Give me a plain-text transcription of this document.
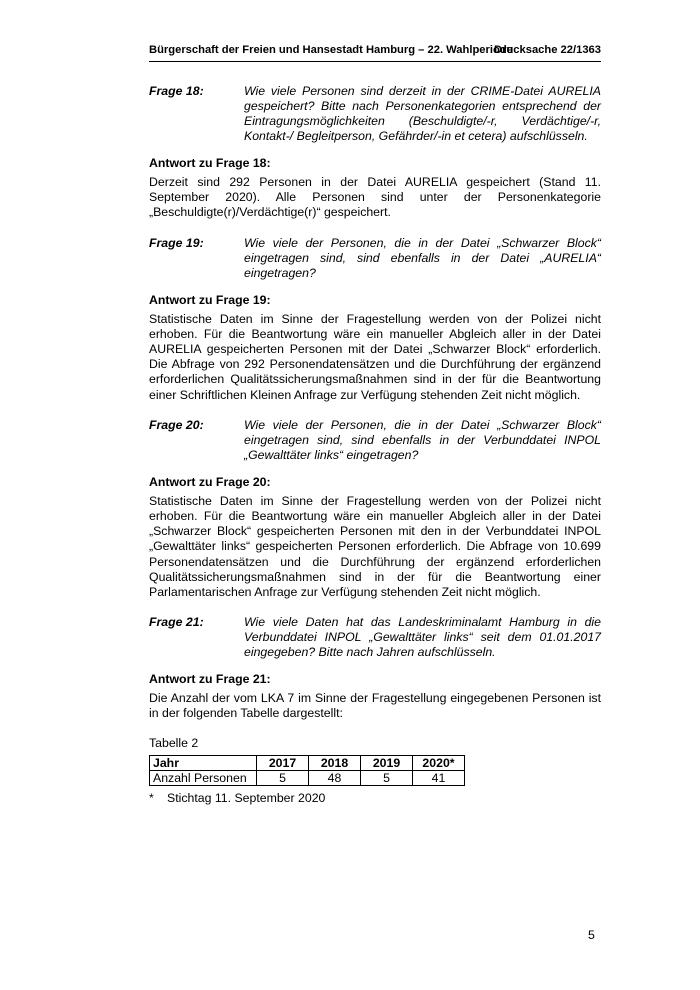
Bürgerschaft der Freien und Hansestadt Hamburg – 22. Wahlperiode
Drucksache 22/1363
Frage 18:	Wie viele Personen sind derzeit in der CRIME-Datei AURELIA gespeichert? Bitte nach Personenkategorien entsprechend der Eintragungsmöglichkeiten (Beschuldigte/-r, Verdächtige/-r, Kontakt-/ Begleitperson, Gefährder/-in et cetera) aufschlüsseln.
Antwort zu Frage 18:
Derzeit sind 292 Personen in der Datei AURELIA gespeichert (Stand 11. September 2020). Alle Personen sind unter der Personenkategorie „Beschuldigte(r)/Verdächtige(r)“ gespeichert.
Frage 19:	Wie viele der Personen, die in der Datei „Schwarzer Block“ eingetragen sind, sind ebenfalls in der Datei „AURELIA“ eingetragen?
Antwort zu Frage 19:
Statistische Daten im Sinne der Fragestellung werden von der Polizei nicht erhoben. Für die Beantwortung wäre ein manueller Abgleich aller in der Datei AURELIA gespeicherten Personen mit der Datei „Schwarzer Block“ erforderlich. Die Abfrage von 292 Personendatensätzen und die Durchführung der ergänzend erforderlichen Qualitätssicherungsmaßnahmen sind in der für die Beantwortung einer Schriftlichen Kleinen Anfrage zur Verfügung stehenden Zeit nicht möglich.
Frage 20:	Wie viele der Personen, die in der Datei „Schwarzer Block“ eingetragen sind, sind ebenfalls in der Verbunddatei INPOL „Gewalttäter links“ eingetragen?
Antwort zu Frage 20:
Statistische Daten im Sinne der Fragestellung werden von der Polizei nicht erhoben. Für die Beantwortung wäre ein manueller Abgleich aller in der Datei „Schwarzer Block“ gespeicherten Personen mit den in der Verbunddatei INPOL „Gewalttäter links“ gespeicherten Personen erforderlich. Die Abfrage von 10.699 Personendatensätzen und die Durchführung der ergänzend erforderlichen Qualitätssicherungsmaßnahmen sind in der für die Beantwortung einer Parlamentarischen Anfrage zur Verfügung stehenden Zeit nicht möglich.
Frage 21:	Wie viele Daten hat das Landeskriminalamt Hamburg in die Verbunddatei INPOL „Gewalttäter links“ seit dem 01.01.2017 eingegeben? Bitte nach Jahren aufschlüsseln.
Antwort zu Frage 21:
Die Anzahl der vom LKA 7 im Sinne der Fragestellung eingegebenen Personen ist in der folgenden Tabelle dargestellt:
Tabelle 2
Jahr	2017	2018	2019	2020*
Anzahl Personen	5	48	5	41
* Stichtag 11. September 2020
5
